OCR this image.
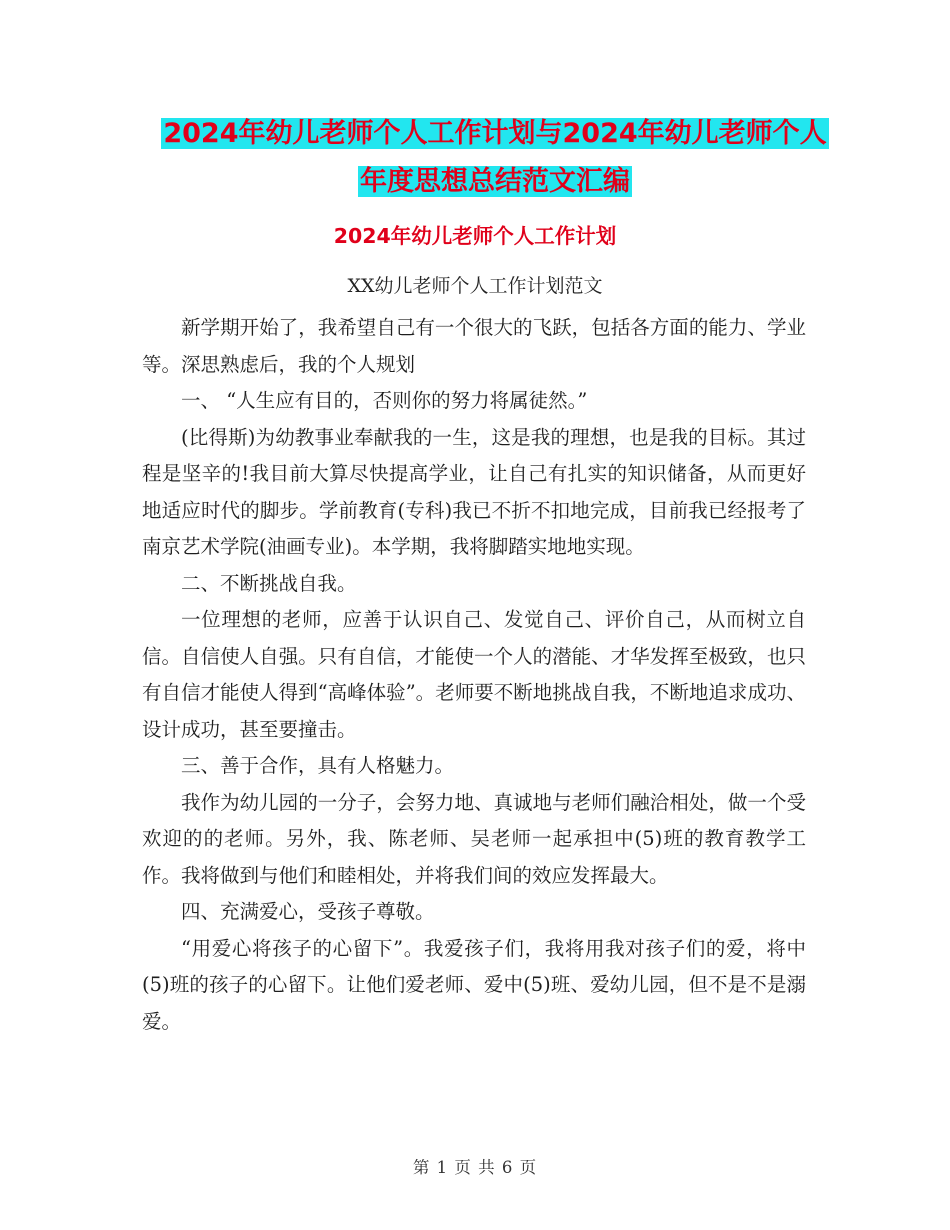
2024年幼儿老师个人工作计划与2024年幼儿老师个人
年度思想总结范文汇编
2024年幼儿老师个人工作计划
XX幼儿老师个人工作计划范文

新学期开始了，我希望自己有一个很大的飞跃，包括各方面的能力、学业等。深思熟虑后，我的个人规划

一、 “人生应有目的，否则你的努力将属徒然。”

(比得斯)为幼教事业奉献我的一生，这是我的理想，也是我的目标。其过程是坚辛的!我目前大算尽快提高学业，让自己有扎实的知识储备，从而更好地适应时代的脚步。学前教育(专科)我已不折不扣地完成，目前我已经报考了南京艺术学院(油画专业)。本学期，我将脚踏实地地实现。

二、不断挑战自我。

一位理想的老师，应善于认识自己、发觉自己、评价自己，从而树立自信。自信使人自强。只有自信，才能使一个人的潜能、才华发挥至极致，也只有自信才能使人得到“高峰体验”。老师要不断地挑战自我，不断地追求成功、设计成功，甚至要撞击。

三、善于合作，具有人格魅力。

我作为幼儿园的一分子，会努力地、真诚地与老师们融洽相处，做一个受欢迎的的老师。另外，我、陈老师、吴老师一起承担中(5)班的教育教学工作。我将做到与他们和睦相处，并将我们间的效应发挥最大。

四、充满爱心，受孩子尊敬。

“用爱心将孩子的心留下”。我爱孩子们，我将用我对孩子们的爱，将中(5)班的孩子的心留下。让他们爱老师、爱中(5)班、爱幼儿园，但不是不是溺爱。

第 1 页 共 6 页
